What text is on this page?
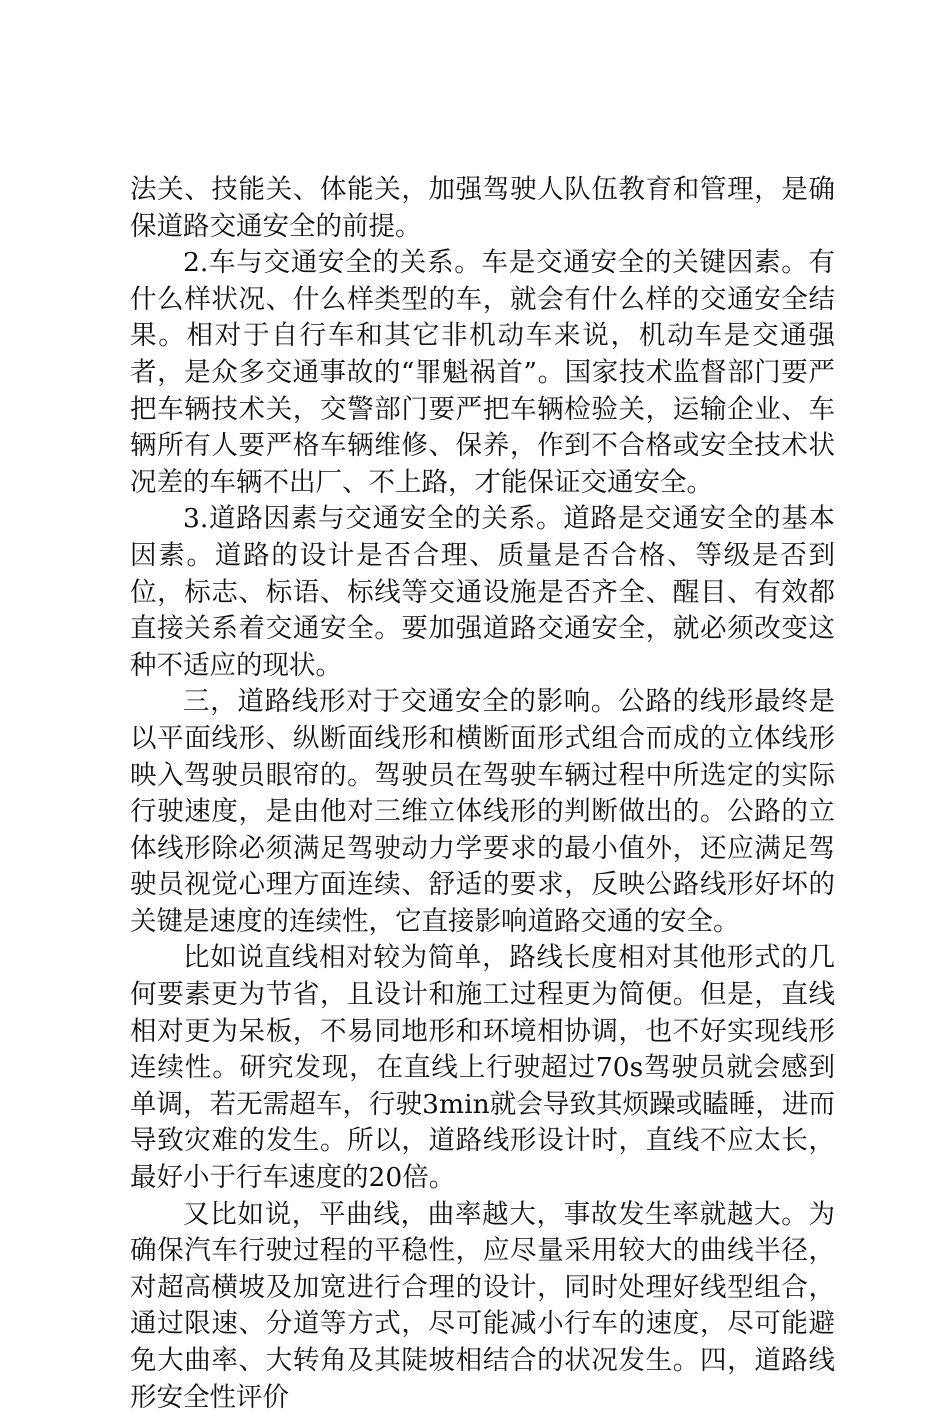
法关、技能关、体能关，加强驾驶人队伍教育和管理，是确保道路交通安全的前提。

2.车与交通安全的关系。车是交通安全的关键因素。有什么样状况、什么样类型的车，就会有什么样的交通安全结果。相对于自行车和其它非机动车来说，机动车是交通强者，是众多交通事故的“罪魁祸首”。国家技术监督部门要严把车辆技术关，交警部门要严把车辆检验关，运输企业、车辆所有人要严格车辆维修、保养，作到不合格或安全技术状况差的车辆不出厂、不上路，才能保证交通安全。

3.道路因素与交通安全的关系。道路是交通安全的基本因素。道路的设计是否合理、质量是否合格、等级是否到位，标志、标语、标线等交通设施是否齐全、醒目、有效都直接关系着交通安全。要加强道路交通安全，就必须改变这种不适应的现状。

三，道路线形对于交通安全的影响。公路的线形最终是以平面线形、纵断面线形和横断面形式组合而成的立体线形映入驾驶员眼帘的。驾驶员在驾驶车辆过程中所选定的实际行驶速度，是由他对三维立体线形的判断做出的。公路的立体线形除必须满足驾驶动力学要求的最小值外，还应满足驾驶员视觉心理方面连续、舒适的要求，反映公路线形好坏的关键是速度的连续性，它直接影响道路交通的安全。

比如说直线相对较为简单，路线长度相对其他形式的几何要素更为节省，且设计和施工过程更为简便。但是，直线相对更为呆板，不易同地形和环境相协调，也不好实现线形连续性。研究发现，在直线上行驶超过70s驾驶员就会感到单调，若无需超车，行驶3min就会导致其烦躁或瞌睡，进而导致灾难的发生。所以，道路线形设计时，直线不应太长，最好小于行车速度的20倍。

又比如说，平曲线，曲率越大，事故发生率就越大。为确保汽车行驶过程的平稳性，应尽量采用较大的曲线半径，对超高横坡及加宽进行合理的设计，同时处理好线型组合，通过限速、分道等方式，尽可能减小行车的速度，尽可能避免大曲率、大转角及其陡坡相结合的状况发生。四，道路线形安全性评价
